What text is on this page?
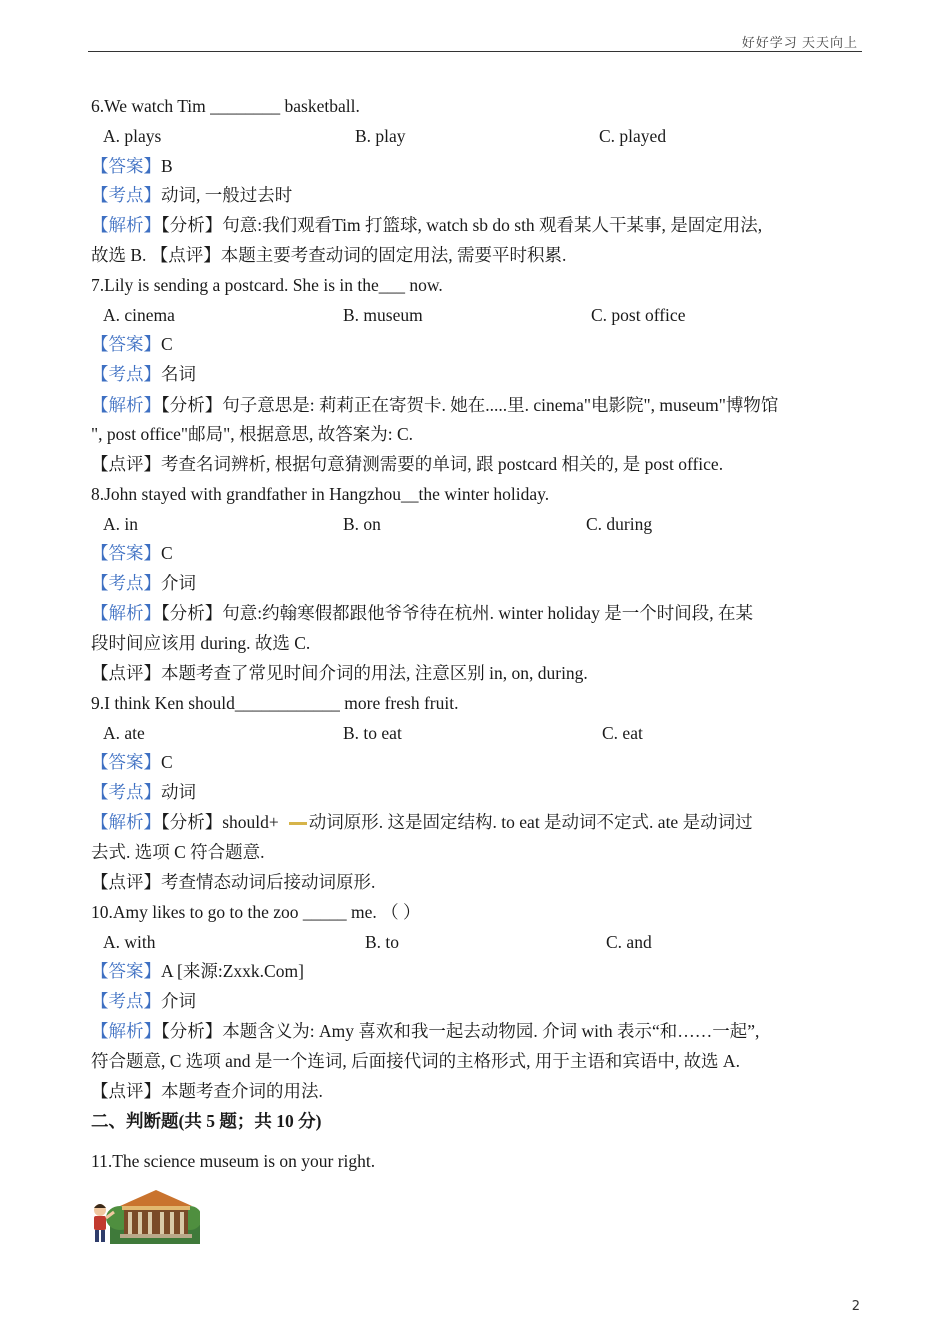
好好学习 天天向上
6.We watch Tim ________ basketball.
A. plays	B. play	C. played
【答案】B
【考点】动词, 一般过去时
【解析】【分析】句意:我们观看Tim 打篮球, watch sb do sth 观看某人干某事, 是固定用法,
故选 B. 【点评】本题主要考查动词的固定用法, 需要平时积累.
7.Lily is sending a postcard. She is in the___ now.
A. cinema	B. museum	C. post office
【答案】C
【考点】名词
【解析】【分析】句子意思是: 莉莉正在寄贺卡. 她在.....里. cinema"电影院", museum"博物馆
", post office"邮局", 根据意思, 故答案为: C.
【点评】考查名词辨析, 根据句意猜测需要的单词, 跟 postcard 相关的, 是 post office.
8.John stayed with grandfather in Hangzhou__the winter holiday.
A. in	B. on	C. during
【答案】C
【考点】介词
【解析】【分析】句意:约翰寒假都跟他爷爷待在杭州. winter holiday 是一个时间段, 在某
段时间应该用 during. 故选 C.
【点评】本题考查了常见时间介词的用法, 注意区别 in, on, during.
9.I think Ken should____________ more fresh fruit.
A. ate	B. to eat	C. eat
【答案】C
【考点】动词
【解析】【分析】should+ 动词原形. 这是固定结构. to eat 是动词不定式. ate 是动词过
去式. 选项 C 符合题意.
【点评】考查情态动词后接动词原形.
10.Amy likes to go to the zoo _____ me. （ ）
A. with	B. to	C. and
【答案】A [来源:Zxxk.Com]
【考点】介词
【解析】【分析】本题含义为: Amy 喜欢和我一起去动物园. 介词 with 表示“和……一起”,
符合题意, C 选项 and 是一个连词, 后面接代词的主格形式, 用于主语和宾语中, 故选 A.
【点评】本题考查介词的用法.
二、判断题(共 5 题；共 10 分)
11.The science museum is on your right.
2
